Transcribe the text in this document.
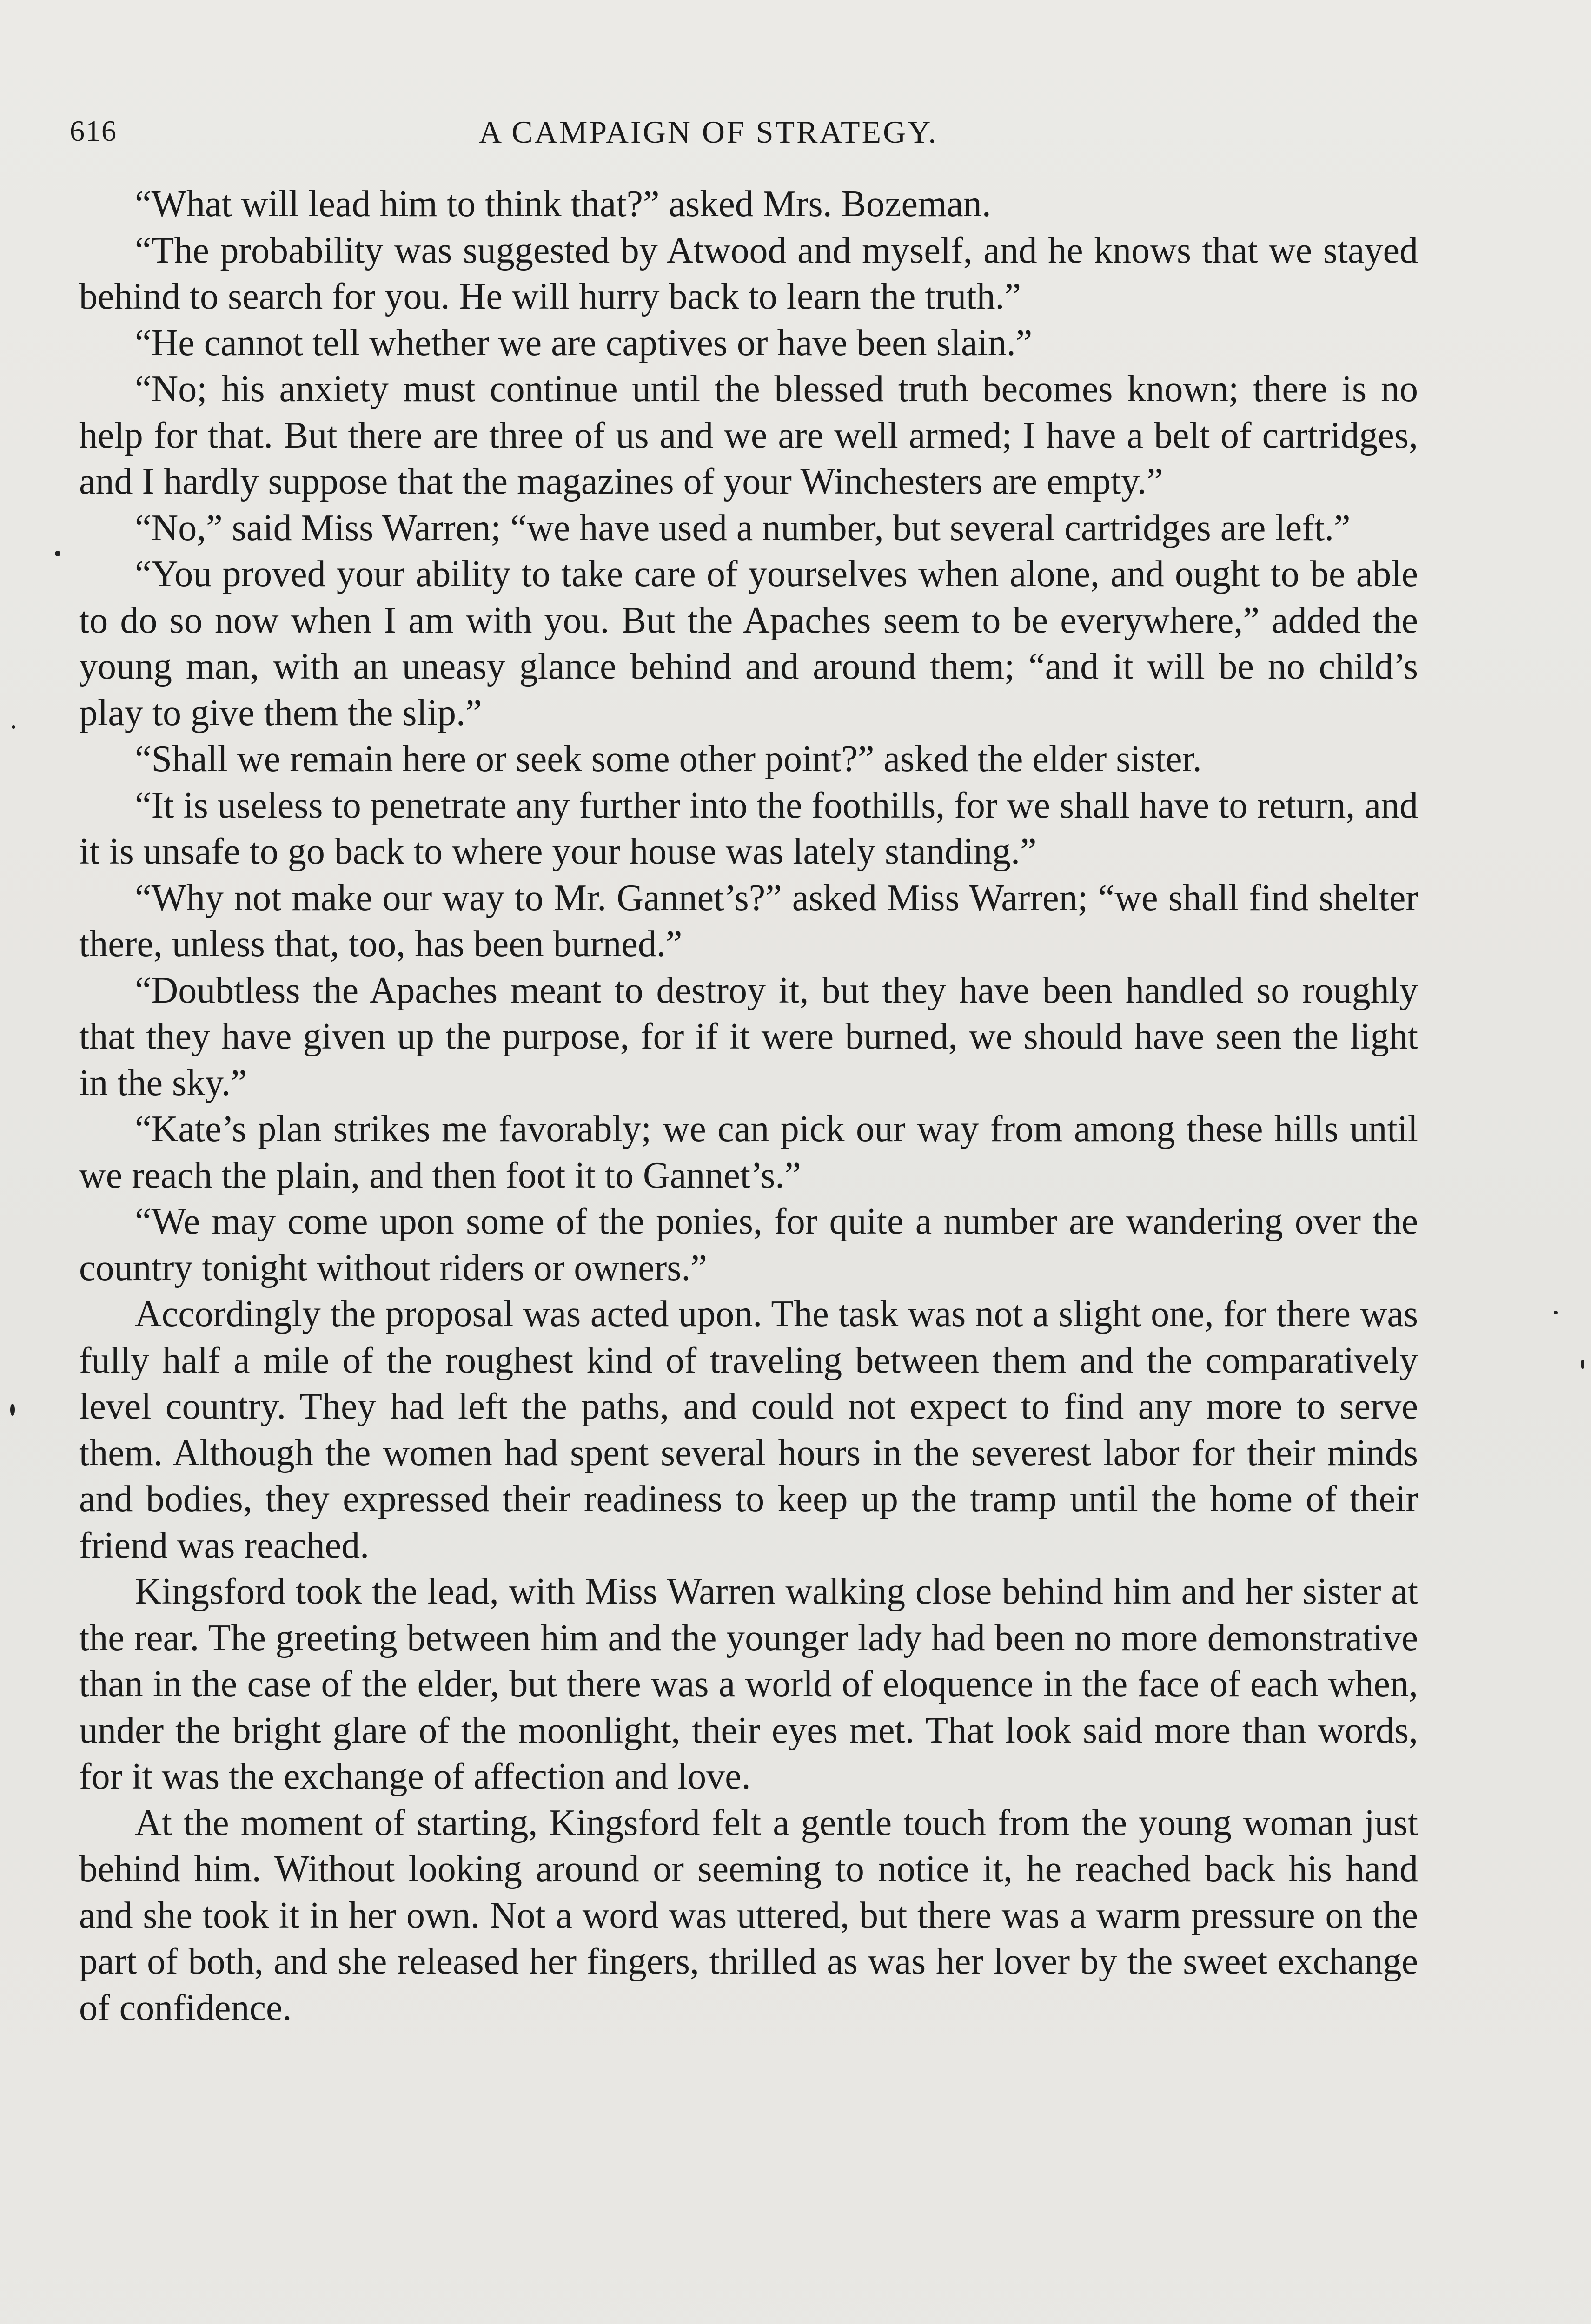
616	A CAMPAIGN OF STRATEGY.

“What will lead him to think that?” asked Mrs. Bozeman.

“The probability was suggested by Atwood and myself, and he knows that we stayed behind to search for you. He will hurry back to learn the truth.”

“He cannot tell whether we are captives or have been slain.”

“No; his anxiety must continue until the blessed truth becomes known; there is no help for that. But there are three of us and we are well armed; I have a belt of cartridges, and I hardly suppose that the magazines of your Winchesters are empty.”

“No,” said Miss Warren; “we have used a number, but several cartridges are left.”

“You proved your ability to take care of yourselves when alone, and ought to be able to do so now when I am with you. But the Apaches seem to be everywhere,” added the young man, with an uneasy glance behind and around them; “and it will be no child’s play to give them the slip.”

“Shall we remain here or seek some other point?” asked the elder sister.

“It is useless to penetrate any further into the foothills, for we shall have to return, and it is unsafe to go back to where your house was lately standing.”

“Why not make our way to Mr. Gannet’s?” asked Miss Warren; “we shall find shelter there, unless that, too, has been burned.”

“Doubtless the Apaches meant to destroy it, but they have been handled so roughly that they have given up the purpose, for if it were burned, we should have seen the light in the sky.”

“Kate’s plan strikes me favorably; we can pick our way from among these hills until we reach the plain, and then foot it to Gannet’s.”

“We may come upon some of the ponies, for quite a number are wandering over the country tonight without riders or owners.”

Accordingly the proposal was acted upon. The task was not a slight one, for there was fully half a mile of the roughest kind of traveling between them and the comparatively level country. They had left the paths, and could not expect to find any more to serve them. Although the women had spent several hours in the severest labor for their minds and bodies, they expressed their readiness to keep up the tramp until the home of their friend was reached.

Kingsford took the lead, with Miss Warren walking close behind him and her sister at the rear. The greeting between him and the younger lady had been no more demonstrative than in the case of the elder, but there was a world of eloquence in the face of each when, under the bright glare of the moonlight, their eyes met. That look said more than words, for it was the exchange of affection and love.

At the moment of starting, Kingsford felt a gentle touch from the young woman just behind him. Without looking around or seeming to notice it, he reached back his hand and she took it in her own. Not a word was uttered, but there was a warm pressure on the part of both, and she released her fingers, thrilled as was her lover by the sweet exchange of confidence.
